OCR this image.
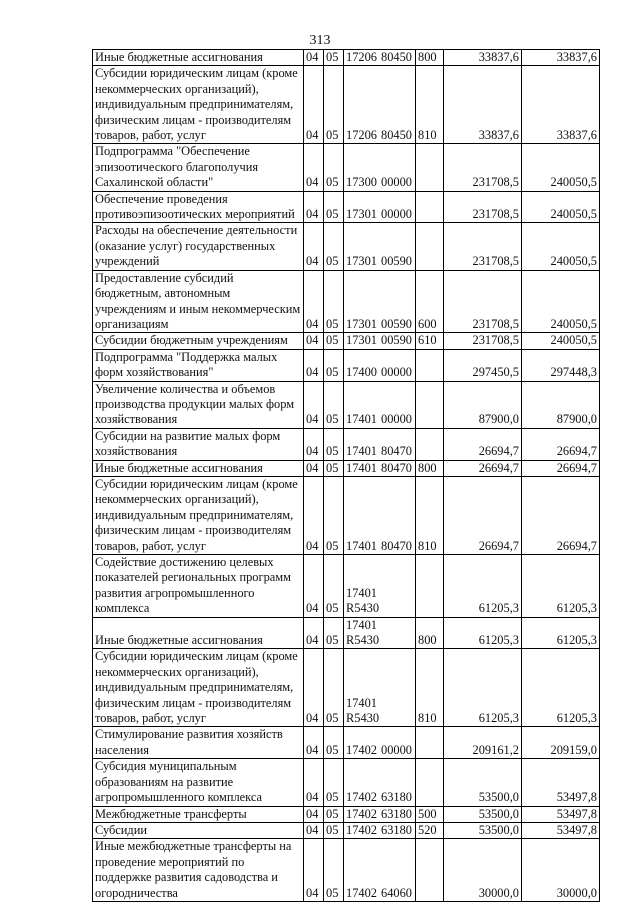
313
Иные бюджетные ассигнования	04	05	17206 80450	800	33837,6	33837,6
Субсидии юридическим лицам (кроме некоммерческих организаций), индивидуальным предпринимателям, физическим лицам - производителям товаров, работ, услуг	04	05	17206 80450	810	33837,6	33837,6
Подпрограмма "Обеспечение эпизоотического благополучия Сахалинской области"	04	05	17300 00000		231708,5	240050,5
Обеспечение проведения противоэпизоотических мероприятий	04	05	17301 00000		231708,5	240050,5
Расходы на обеспечение деятельности (оказание услуг) государственных учреждений	04	05	17301 00590		231708,5	240050,5
Предоставление субсидий бюджетным, автономным учреждениям и иным некоммерческим организациям	04	05	17301 00590	600	231708,5	240050,5
Субсидии бюджетным учреждениям	04	05	17301 00590	610	231708,5	240050,5
Подпрограмма "Поддержка малых форм хозяйствования"	04	05	17400 00000		297450,5	297448,3
Увеличение количества и объемов производства продукции малых форм хозяйствования	04	05	17401 00000		87900,0	87900,0
Субсидии на развитие малых форм хозяйствования	04	05	17401 80470		26694,7	26694,7
Иные бюджетные ассигнования	04	05	17401 80470	800	26694,7	26694,7
Субсидии юридическим лицам (кроме некоммерческих организаций), индивидуальным предпринимателям, физическим лицам - производителям товаров, работ, услуг	04	05	17401 80470	810	26694,7	26694,7
Содействие достижению целевых показателей региональных программ развития агропромышленного комплекса	04	05	17401R5430		61205,3	61205,3
Иные бюджетные ассигнования	04	05	17401R5430	800	61205,3	61205,3
Субсидии юридическим лицам (кроме некоммерческих организаций), индивидуальным предпринимателям, физическим лицам - производителям товаров, работ, услуг	04	05	17401R5430	810	61205,3	61205,3
Стимулирование развития хозяйств населения	04	05	17402 00000		209161,2	209159,0
Субсидия муниципальным образованиям на развитие агропромышленного комплекса	04	05	17402 63180		53500,0	53497,8
Межбюджетные трансферты	04	05	17402 63180	500	53500,0	53497,8
Субсидии	04	05	17402 63180	520	53500,0	53497,8
Иные межбюджетные трансферты на проведение мероприятий по поддержке развития садоводства и огородничества	04	05	17402 64060		30000,0	30000,0
